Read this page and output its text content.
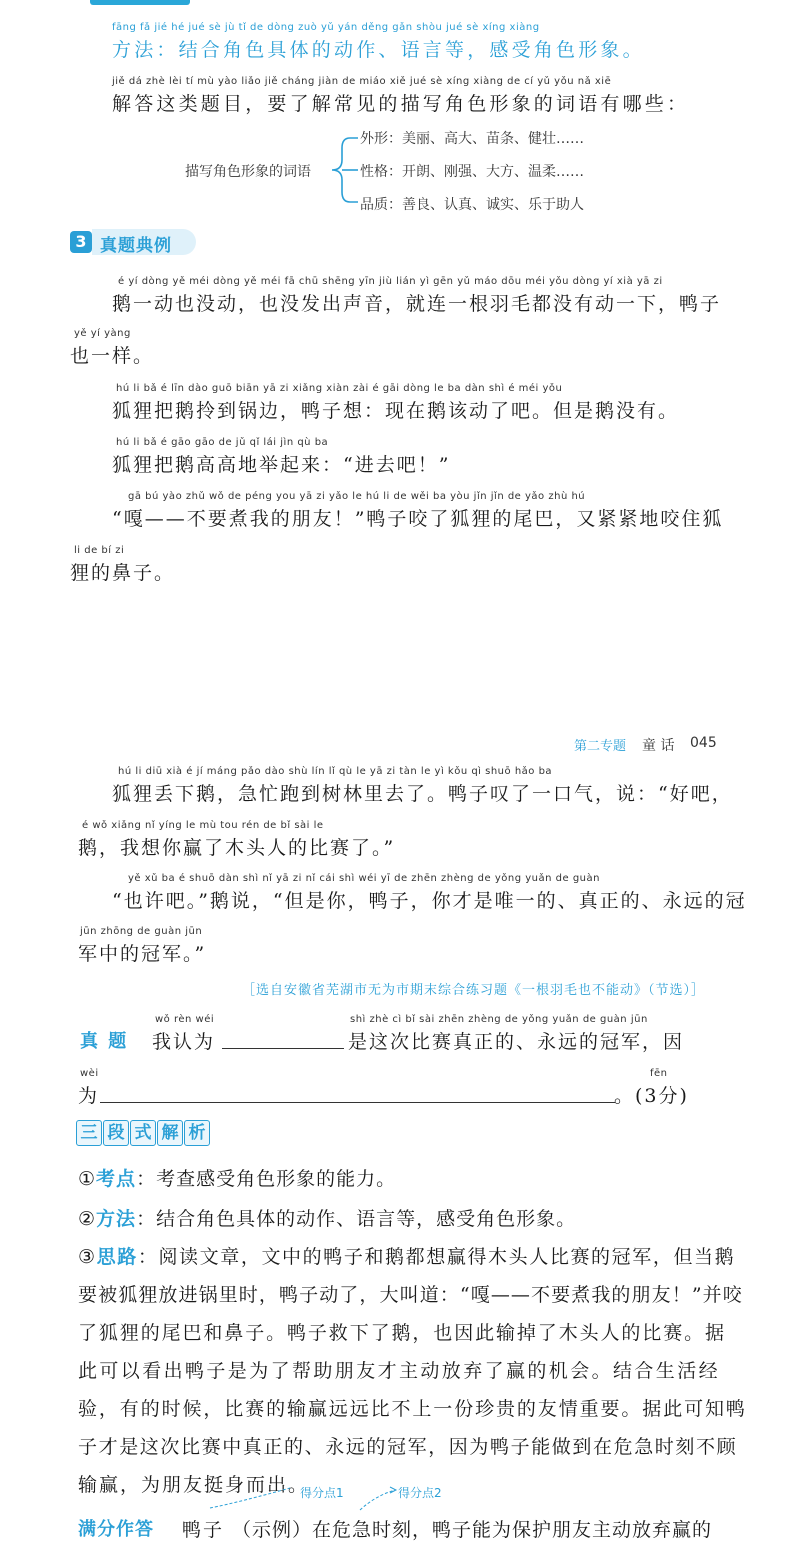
fāng fǎ jié hé jué sè jù tǐ de dòng zuò yǔ yán děng gǎn shòu jué sè xíng xiàng
方法：结合角色具体的动作、语言等，感受角色形象。
jiě dá zhè lèi tí mù yào liǎo jiě cháng jiàn de miáo xiě jué sè xíng xiàng de cí yǔ yǒu nǎ xiē
解答这类题目，要了解常见的描写角色形象的词语有哪些：
描写角色形象的词语
外形：美丽、高大、苗条、健壮……
性格：开朗、刚强、大方、温柔……
品质：善良、认真、诚实、乐于助人
3 真题典例
é yí dòng yě méi dòng yě méi fā chū shēng yīn jiù lián yì gēn yǔ máo dōu méi yǒu dòng yí xià yā zi
鹅一动也没动，也没发出声音，就连一根羽毛都没有动一下，鸭子
yě yí yàng
也一样。
hú li bǎ é līn dào guō biān yā zi xiǎng xiàn zài é gāi dòng le ba dàn shì é méi yǒu
狐狸把鹅拎到锅边，鸭子想：现在鹅该动了吧。但是鹅没有。
hú li bǎ é gāo gāo de jǔ qǐ lái jìn qù ba
狐狸把鹅高高地举起来：“进去吧！”
gā bú yào zhǔ wǒ de péng you yā zi yǎo le hú li de wěi ba yòu jǐn jǐn de yǎo zhù hú
“嘎——不要煮我的朋友！”鸭子咬了狐狸的尾巴，又紧紧地咬住狐
li de bí zi
狸的鼻子。
第二专题 童 话 045
hú li diū xià é jí máng pǎo dào shù lín lǐ qù le yā zi tàn le yì kǒu qì shuō hǎo ba
狐狸丢下鹅，急忙跑到树林里去了。鸭子叹了一口气，说：“好吧，
é wǒ xiǎng nǐ yíng le mù tou rén de bǐ sài le
鹅，我想你赢了木头人的比赛了。”
yě xǔ ba é shuō dàn shì nǐ yā zi nǐ cái shì wéi yī de zhēn zhèng de yǒng yuǎn de guàn
“也许吧。”鹅说，“但是你，鸭子，你才是唯一的、真正的、永远的冠
jūn zhōng de guàn jūn
军中的冠军。”
［选自安徽省芜湖市无为市期末综合练习题《一根羽毛也不能动》（节选）］
真 题
wǒ rèn wéi
我认为
shì zhè cì bǐ sài zhēn zhèng de yǒng yuǎn de guàn jūn
是这次比赛真正的、永远的冠军，因
wèi
为
fēn
。(3分)
三 段 式 解 析
①考点：考查感受角色形象的能力。
②方法：结合角色具体的动作、语言等，感受角色形象。
③思路：阅读文章，文中的鸭子和鹅都想赢得木头人比赛的冠军，但当鹅
要被狐狸放进锅里时，鸭子动了，大叫道：“嘎——不要煮我的朋友！”并咬
了狐狸的尾巴和鼻子。鸭子救下了鹅，也因此输掉了木头人的比赛。据
此可以看出鸭子是为了帮助朋友才主动放弃了赢的机会。结合生活经
验，有的时候，比赛的输赢远远比不上一份珍贵的友情重要。据此可知鸭
子才是这次比赛中真正的、永远的冠军，因为鸭子能做到在危急时刻不顾
输赢，为朋友挺身而出。
得分点1	得分点2
满分作答 鸭子 （示例）在危急时刻，鸭子能为保护朋友主动放弃赢的
